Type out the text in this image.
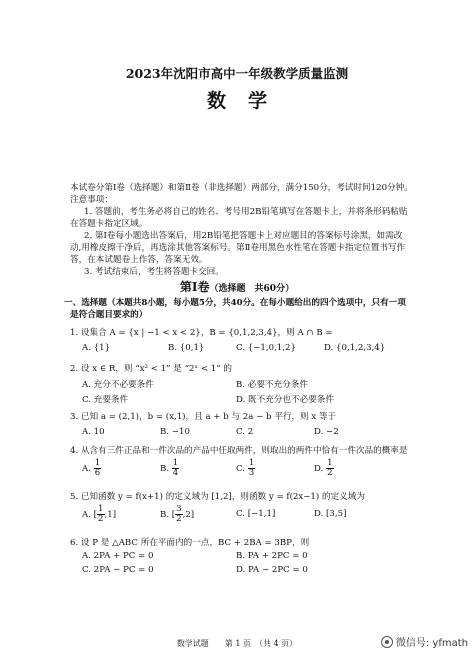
2023年沈阳市高中一年级教学质量监测
数学
本试卷分第Ⅰ卷（选择题）和第Ⅱ卷（非选择题）两部分，满分150分，考试时间120分钟。
注意事项：
1. 答题前，考生务必将自己的姓名、考号用2B铅笔填写在答题卡上，并将条形码粘贴
在答题卡指定区域。
2. 第Ⅰ卷每小题选出答案后，用2B铅笔把答题卡上对应题目的答案标号涂黑，如需改
动,用橡皮擦干净后，再选涂其他答案标号。第Ⅱ卷用黑色水性笔在答题卡指定位置书写作
答，在本试题卷上作答，答案无效。
3. 考试结束后，考生将答题卡交回。
第Ⅰ卷（选择题　共60分）
一、选择题（本题共8小题，每小题5分，共40分。在每小题给出的四个选项中，只有一项
是符合题目要求的）
1. 设集合 A = {x | −1 < x < 2}，B = {0,1,2,3,4}，则 A ∩ B =
A. {1}	B. {0,1}	C. {−1,0,1,2}	D. {0,1,2,3,4}
2. 设 x ∈ R，则 “x² < 1” 是 “2ˣ < 1” 的
A. 充分不必要条件	B. 必要不充分条件
C. 充要条件	D. 既不充分也不必要条件
3. 已知 a = (2,1)，b = (x,1)，且 a + b 与 2a − b 平行，则 x 等于
A. 10	B. −10	C. 2	D. −2
4. 从含有三件正品和一件次品的产品中任取两件，则取出的两件中恰有一件次品的概率是
A. $\frac{1}{6}$	B. $\frac{1}{4}$	C. $\frac{1}{3}$	D. $\frac{1}{2}$
5. 已知函数 y = f(x+1) 的定义域为 [1,2]，则函数 y = f(2x−1) 的定义域为
A. [ $\frac{1}{2} ,1$]	B. [ $\frac{3}{2} ,2$]	C. [−1,1]	D. [3,5]
6. 设 P 是 △ABC 所在平面内的一点，BC + 2BA = 3BP，则
A. 2PA + PC = 0	B. PA + 2PC = 0
C. 2PA − PC = 0	D. PA − 2PC = 0
数学试题　　第 1 页　（共 4 页）	微信号: yfmath
